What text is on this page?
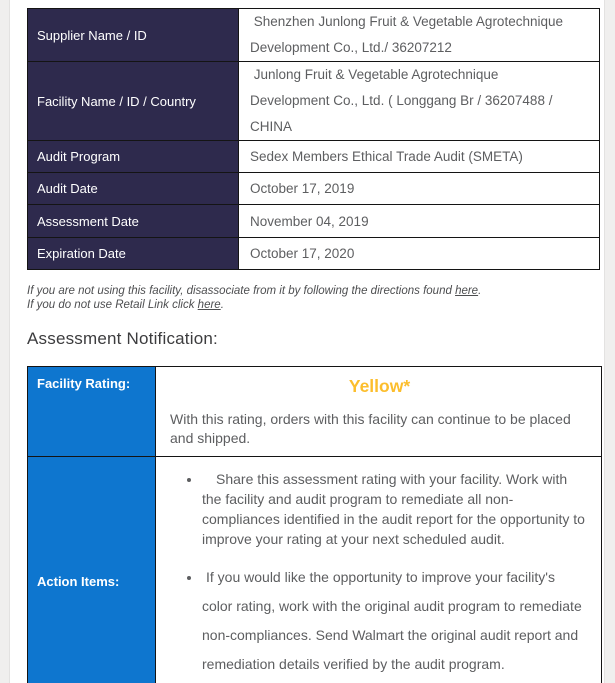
Supplier Name / ID	Shenzhen Junlong Fruit & Vegetable Agrotechnique
Development Co., Ltd./ 36207212

Facility Name / ID / Country	Junlong Fruit & Vegetable Agrotechnique
Development Co., Ltd. ( Longgang Br / 36207488 /
CHINA

Audit Program	Sedex Members Ethical Trade Audit (SMETA)
Audit Date	October 17, 2019
Assessment Date	November 04, 2019
Expiration Date	October 17, 2020
If you are not using this facility, disassociate from it by following the directions found here.
If you do not use Retail Link click here.
Assessment Notification:
Facility Rating:	Yellow*
With this rating, orders with this facility can continue to be placed and shipped.

Action Items:	
• Share this assessment rating with your facility. Work with the facility and audit program to remediate all non-compliances identified in the audit report for the opportunity to improve your rating at your next scheduled audit.
• If you would like the opportunity to improve your facility's color rating, work with the original audit program to remediate non-compliances. Send Walmart the original audit report and remediation details verified by the audit program.
